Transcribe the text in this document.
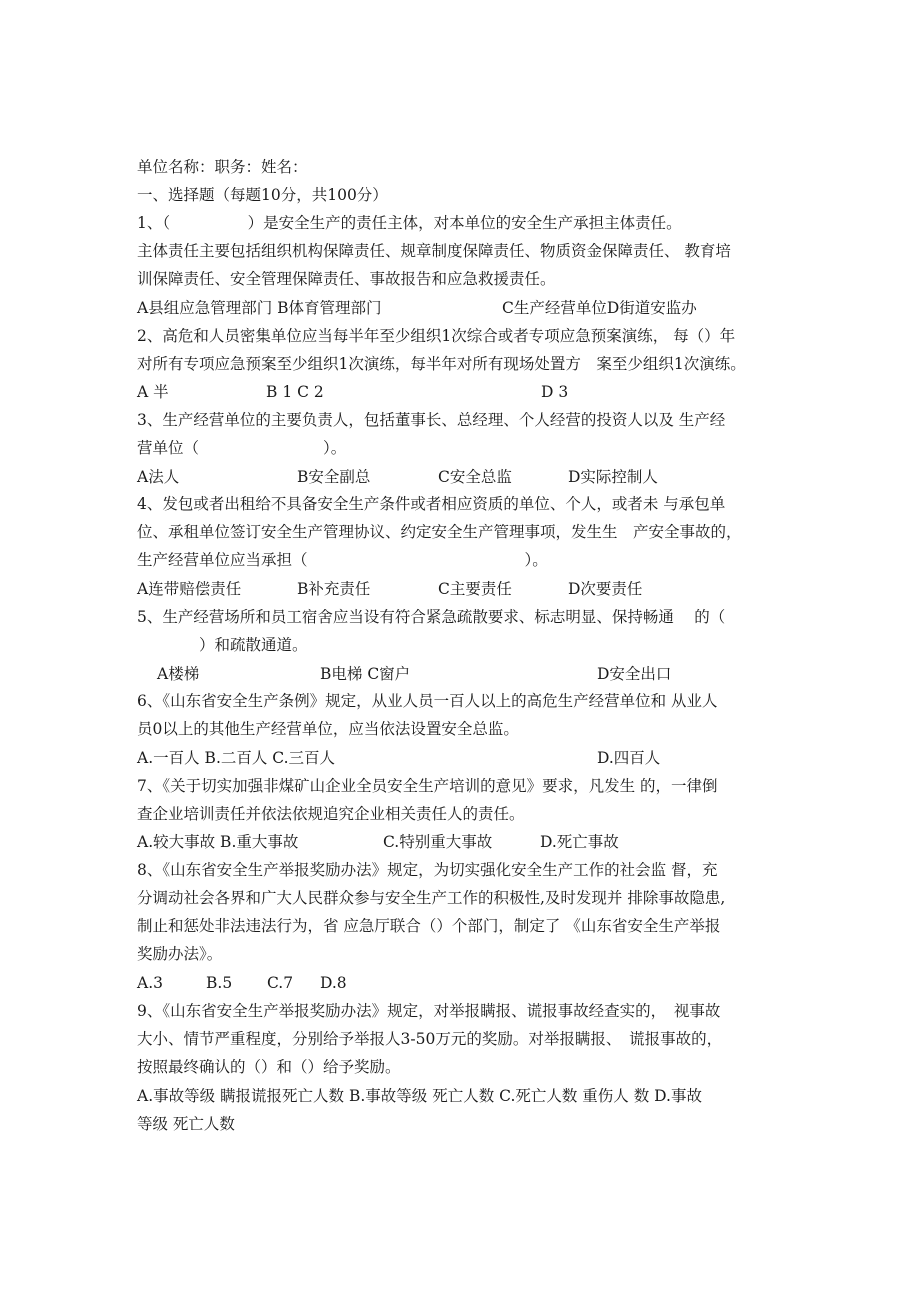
单位名称：职务：姓名：
一、选择题（每题10分，共100分）
1、（　　　　　）是安全生产的责任主体，对本单位的安全生产承担主体责任。
主体责任主要包括组织机构保障责任、规章制度保障责任、物质资金保障责任、 教育培
训保障责任、安全管理保障责任、事故报告和应急救援责任。
A县组应急管理部门 B体育管理部门	C生产经营单位D街道安监办
2、高危和人员密集单位应当每半年至少组织1次综合或者专项应急预案演练， 每（）年
对所有专项应急预案至少组织1次演练，每半年对所有现场处置方　案至少组织1次演练。
A 半	B 1 C 2	D 3
3、生产经营单位的主要负责人，包括董事长、总经理、个人经营的投资人以及 生产经
营单位（　　　　　　　　）。
A法人	B安全副总	C安全总监	D实际控制人
4、发包或者出租给不具备安全生产条件或者相应资质的单位、个人，或者未 与承包单
位、承租单位签订安全生产管理协议、约定安全生产管理事项，发生生　产安全事故的，
生产经营单位应当承担（　　　　　　　　　　　　　　）。
A连带赔偿责任	B补充责任	C主要责任	D次要责任
5、生产经营场所和员工宿舍应当设有符合紧急疏散要求、标志明显、保持畅通　 的（
　　　　）和疏散通道。
A楼梯	B电梯 C窗户	D安全出口
6、《山东省安全生产条例》规定，从业人员一百人以上的高危生产经营单位和 从业人
员0以上的其他生产经营单位，应当依法设置安全总监。
A.一百人 B.二百人 C.三百人	D.四百人
7、《关于切实加强非煤矿山企业全员安全生产培训的意见》要求，凡发生 的，一律倒
查企业培训责任并依法依规追究企业相关责任人的责任。
A.较大事故 B.重大事故	C.特别重大事故	D.死亡事故
8、《山东省安全生产举报奖励办法》规定，为切实强化安全生产工作的社会监 督，充
分调动社会各界和广大人民群众参与安全生产工作的积极性,及时发现并 排除事故隐患,
制止和惩处非法违法行为，省 应急厅联合（）个部门，制定了 《山东省安全生产举报
奖励办法》。
A.3	B.5 C.7 D.8
9、《山东省安全生产举报奖励办法》规定，对举报瞒报、谎报事故经查实的，　视事故
大小、情节严重程度，分别给予举报人3-50万元的奖励。对举报瞒报、　谎报事故的，
按照最终确认的（）和（）给予奖励。
A.事故等级 瞒报谎报死亡人数 B.事故等级 死亡人数 C.死亡人数 重伤人 数 D.事故
等级 死亡人数
